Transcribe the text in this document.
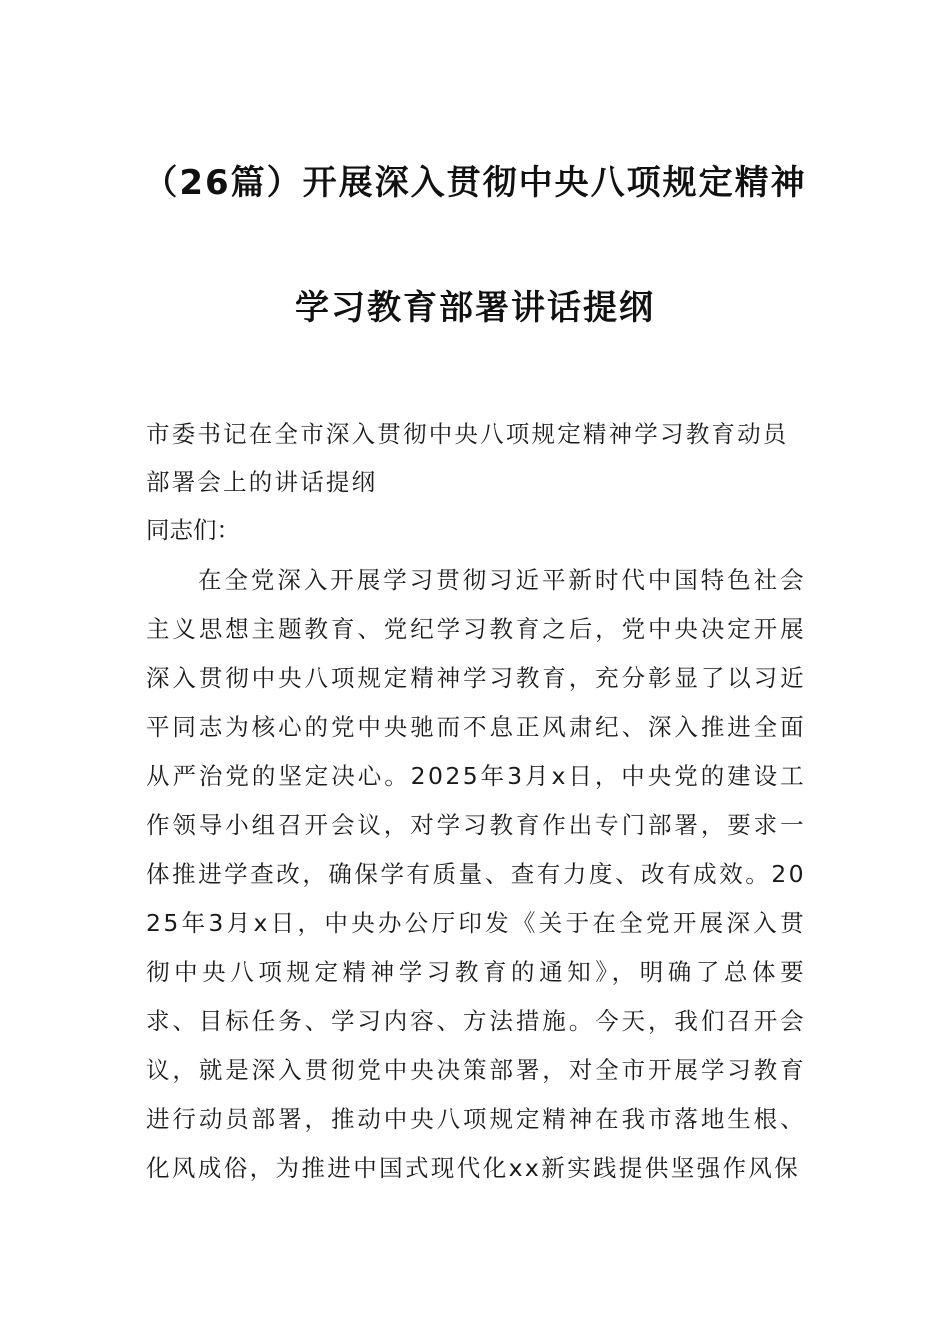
（26篇）开展深入贯彻中央八项规定精神
学习教育部署讲话提纲

市委书记在全市深入贯彻中央八项规定精神学习教育动员
部署会上的讲话提纲

同志们：

在全党深入开展学习贯彻习近平新时代中国特色社会主义思想主题教育、党纪学习教育之后，党中央决定开展深入贯彻中央八项规定精神学习教育，充分彰显了以习近平同志为核心的党中央驰而不息正风肃纪、深入推进全面从严治党的坚定决心。2025年3月x日，中央党的建设工作领导小组召开会议，对学习教育作出专门部署，要求一体推进学查改，确保学有质量、查有力度、改有成效。2025年3月x日，中央办公厅印发《关于在全党开展深入贯彻中央八项规定精神学习教育的通知》，明确了总体要求、目标任务、学习内容、方法措施。今天，我们召开会议，就是深入贯彻党中央决策部署，对全市开展学习教育进行动员部署，推动中央八项规定精神在我市落地生根、化风成俗，为推进中国式现代化xx新实践提供坚强作风保
